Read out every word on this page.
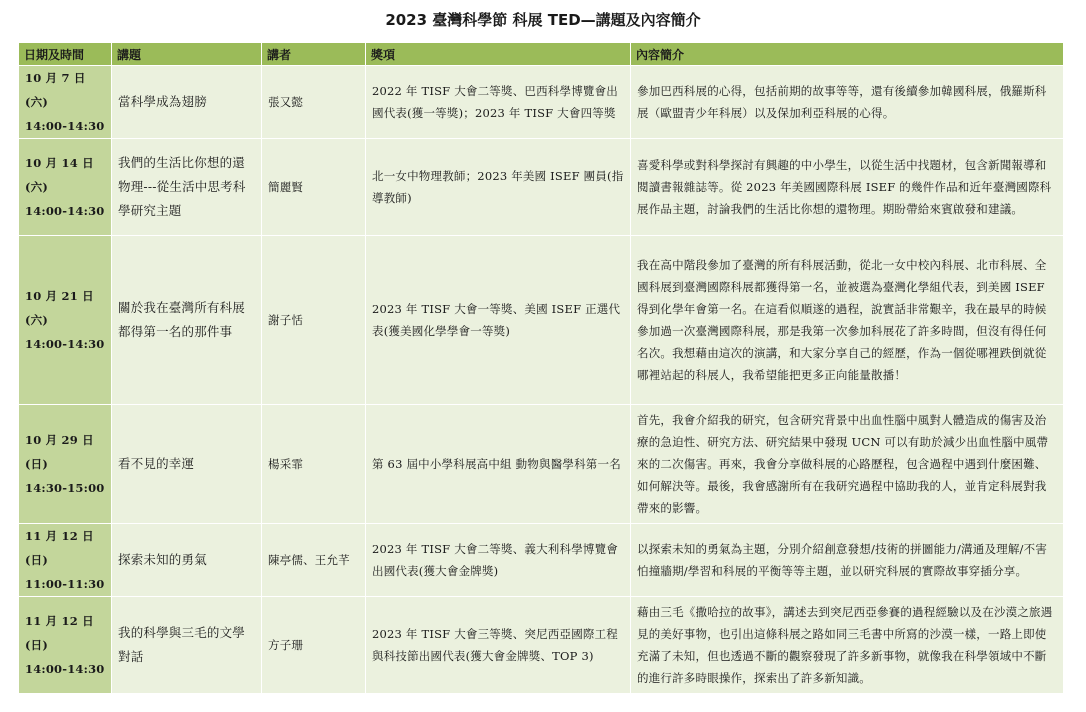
2023 臺灣科學節 科展 TED—講題及內容簡介
日期及時間	講題	講者	獎項	內容簡介

10 月 7 日(六)
14:00-14:30	當科學成為翅膀	張又懿	2022 年 TISF 大會二等獎、巴西科學博覽會出國代表(獲一等獎)；2023 年 TISF 大會四等獎	參加巴西科展的心得，包括前期的故事等等，還有後續參加韓國科展，俄羅斯科展（歐盟青少年科展）以及保加利亞科展的心得。

10 月 14 日(六)
14:00-14:30	我們的生活比你想的還物理---從生活中思考科學研究主題	簡麗賢	北一女中物理教師；2023 年美國 ISEF 團員(指導教師)	喜愛科學或對科學探討有興趣的中小學生，以從生活中找題材，包含新聞報導和閱讀書報雜誌等。從 2023 年美國國際科展 ISEF 的幾件作品和近年臺灣國際科展作品主題，討論我們的生活比你想的還物理。期盼帶給來賓啟發和建議。

10 月 21 日(六)
14:00-14:30	關於我在臺灣所有科展都得第一名的那件事	謝子恬	2023 年 TISF 大會一等獎、美國 ISEF 正選代表(獲美國化學學會一等獎)	我在高中階段參加了臺灣的所有科展活動，從北一女中校內科展、北市科展、全國科展到臺灣國際科展都獲得第一名，並被選為臺灣化學組代表，到美國 ISEF 得到化學年會第一名。在這看似順遂的過程，說實話非常艱辛，我在最早的時候參加過一次臺灣國際科展，那是我第一次參加科展花了許多時間，但沒有得任何名次。我想藉由這次的演講，和大家分享自己的經歷，作為一個從哪裡跌倒就從哪裡站起的科展人，我希望能把更多正向能量散播！

10 月 29 日(日)
14:30-15:00	看不見的幸運	楊采霏	第 63 屆中小學科展高中組 動物與醫學科第一名	首先，我會介紹我的研究，包含研究背景中出血性腦中風對人體造成的傷害及治療的急迫性、研究方法、研究結果中發現 UCN 可以有助於減少出血性腦中風帶來的二次傷害。再來，我會分享做科展的心路歷程，包含過程中遇到什麼困難、如何解決等。最後，我會感謝所有在我研究過程中協助我的人，並肯定科展對我帶來的影響。

11 月 12 日(日)
11:00-11:30	探索未知的勇氣	陳亭儒、王允芊	2023 年 TISF 大會二等獎、義大利科學博覽會出國代表(獲大會金牌獎)	以探索未知的勇氣為主題，分別介紹創意發想/技術的拼圖能力/溝通及理解/不害怕撞牆期/學習和科展的平衡等等主題，並以研究科展的實際故事穿插分享。

11 月 12 日(日)
14:00-14:30	我的科學與三毛的文學對話	方子珊	2023 年 TISF 大會三等獎、突尼西亞國際工程與科技節出國代表(獲大會金牌獎、TOP 3)	藉由三毛《撒哈拉的故事》，講述去到突尼西亞參賽的過程經驗以及在沙漠之旅遇見的美好事物，也引出這條科展之路如同三毛書中所寫的沙漠一樣，一路上即使充滿了未知，但也透過不斷的觀察發現了許多新事物，就像我在科學領域中不斷的進行許多時眼操作，探索出了許多新知識。
